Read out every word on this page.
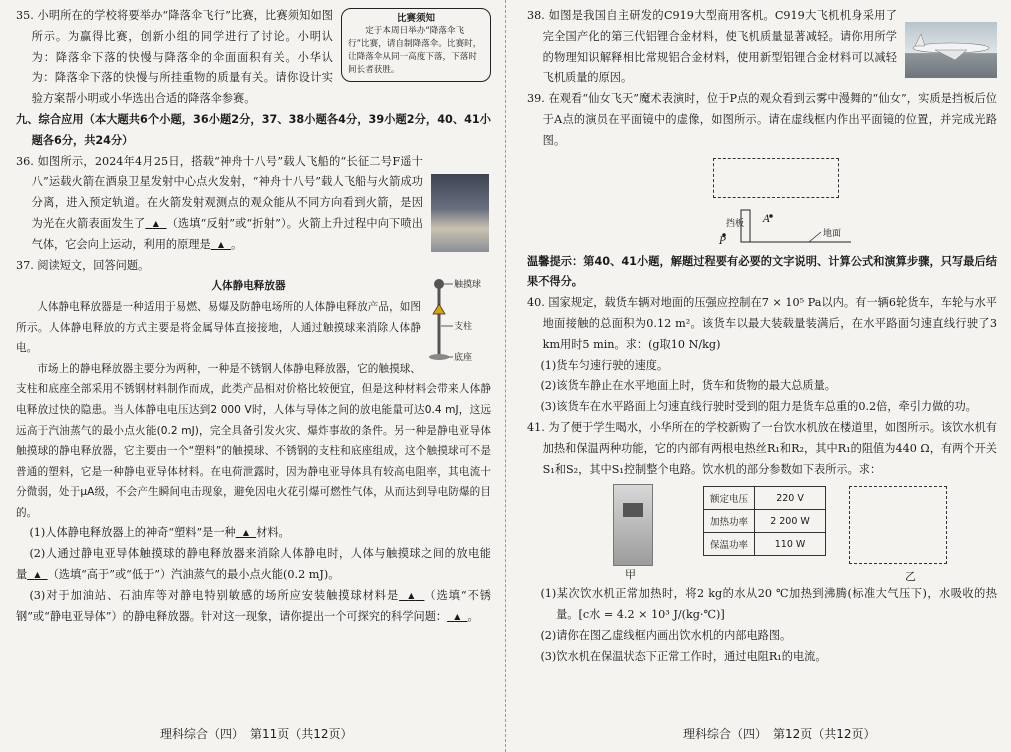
比赛须知
定于本周日举办“降落伞飞行”比赛，请自制降落伞。比赛时，让降落伞从同一高度下落，下落时间长者获胜。

35. 小明所在的学校将要举办“降落伞飞行”比赛，比赛须知如图所示。为赢得比赛，创新小组的同学进行了讨论。小明认为：降落伞下落的快慢与降落伞的伞面面积有关。小华认为：降落伞下落的快慢与所挂重物的质量有关。请你设计实验方案帮小明或小华选出合适的降落伞参赛。

九、综合应用（本大题共6个小题，36小题2分，37、38小题各4分，39小题2分，40、41小题各6分，共24分）

36. 如图所示，2024年4月25日，搭载“神舟十八号”载人飞船的“长征二号F遥十八”运载火箭在酒泉卫星发射中心点火发射，“神舟十八号”载人飞船与火箭成功分离，进入预定轨道。在火箭发射观测点的观众能从不同方向看到火箭，是因为光在火箭表面发生了 ▲ （选填“反射”或“折射”）。火箭上升过程中向下喷出气体，它会向上运动，利用的原理是 ▲ 。

37. 阅读短文，回答问题。

触摸球
支柱
底座

人体静电释放器

人体静电释放器是一种适用于易燃、易爆及防静电场所的人体静电释放产品，如图所示。人体静电释放的方式主要是将金属导体直接接地，人通过触摸球来消除人体静电。

市场上的静电释放器主要分为两种，一种是不锈钢人体静电释放器，它的触摸球、支柱和底座全部采用不锈钢材料制作而成，此类产品相对价格比较便宜，但是这种材料会带来人体静电释放过快的隐患。当人体静电电压达到2 000 V时，人体与导体之间的放电能量可达0.4 mJ，这远远高于汽油蒸气的最小点火能(0.2 mJ)，完全具备引发火灾、爆炸事故的条件。另一种是静电亚导体触摸球的静电释放器，它主要由一个“塑料”的触摸球、不锈钢的支柱和底座组成，这个触摸球可不是普通的塑料，它是一种静电亚导体材料。在电荷泄露时，因为静电亚导体具有较高电阻率，其电流十分微弱，处于μA级，不会产生瞬间电击现象，避免因电火花引爆可燃性气体，从而达到导电防爆的目的。

(1)人体静电释放器上的神奇“塑料”是一种 ▲ 材料。

(2)人通过静电亚导体触摸球的静电释放器来消除人体静电时，人体与触摸球之间的放电能量 ▲ （选填“高于”或“低于”）汽油蒸气的最小点火能(0.2 mJ)。

(3)对于加油站、石油库等对静电特别敏感的场所应安装触摸球材料是 ▲ （选填“不锈钢”或“静电亚导体”）的静电释放器。针对这一现象，请你提出一个可探究的科学问题： ▲ 。

理科综合（四）　第11页（共12页）

38. 如图是我国自主研发的C919大型商用客机。C919大飞机机身采用了完全国产化的第三代铝锂合金材料，使飞机质量显著减轻。请你用所学的物理知识解释相比常规铝合金材料，使用新型铝锂合金材料可以减轻飞机质量的原因。

39. 在观看“仙女飞天”魔术表演时，位于P点的观众看到云雾中漫舞的“仙女”，实质是挡板后位于A点的演员在平面镜中的虚像，如图所示。请在虚线框内作出平面镜的位置，并完成光路图。

P
挡板 A
地面

温馨提示：第40、41小题，解题过程要有必要的文字说明、计算公式和演算步骤，只写最后结果不得分。

40. 国家规定，载货车辆对地面的压强应控制在7 × 10⁵ Pa以内。有一辆6轮货车，车轮与水平地面接触的总面积为0.12 m²。该货车以最大装载量装满后，在水平路面匀速直线行驶了3 km用时5 min。求：(g取10 N/kg)

(1)货车匀速行驶的速度。

(2)该货车静止在水平地面上时，货车和货物的最大总质量。

(3)该货车在水平路面上匀速直线行驶时受到的阻力是货车总重的0.2倍，牵引力做的功。

41. 为了便于学生喝水，小华所在的学校新购了一台饮水机放在楼道里，如图所示。该饮水机有加热和保温两种功能，它的内部有两根电热丝R₁和R₂，其中R₁的阻值为440 Ω，有两个开关S₁和S₂，其中S₁控制整个电路。饮水机的部分参数如下表所示。求：

甲
额定电压	220 V
加热功率	2 200 W
保温功率	110 W
乙

(1)某次饮水机正常加热时，将2 kg的水从20 ℃加热到沸腾(标准大气压下)，水吸收的热量。[c水 = 4.2 × 10³ J/(kg·℃)]

(2)请你在图乙虚线框内画出饮水机的内部电路图。

(3)饮水机在保温状态下正常工作时，通过电阻R₁的电流。

理科综合（四）　第12页（共12页）
